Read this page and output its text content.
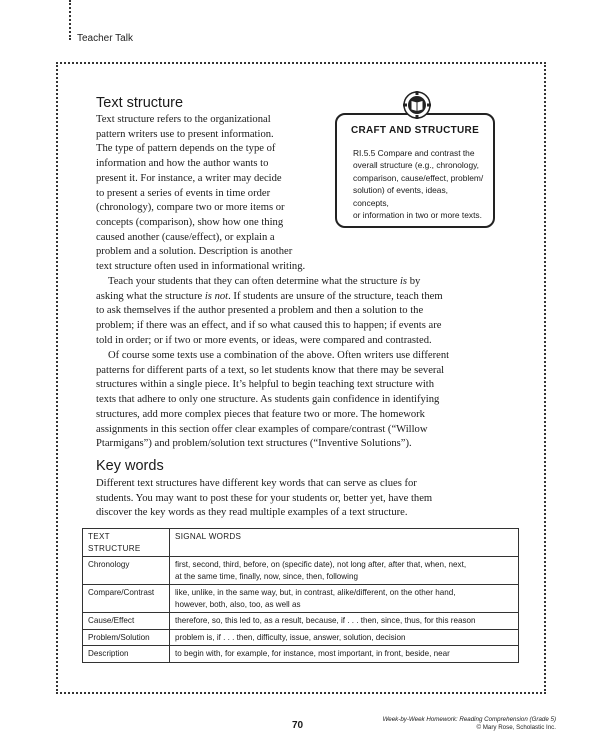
Teacher Talk
Text structure
Text structure refers to the organizational
pattern writers use to present information.
The type of pattern depends on the type of
information and how the author wants to
present it. For instance, a writer may decide
to present a series of events in time order
(chronology), compare two or more items or
concepts (comparison), show how one thing
caused another (cause/effect), or explain a
problem and a solution. Description is another
text structure often used in informational writing.
CRAFT AND STRUCTURE
RI.5.5 Compare and contrast the
overall structure (e.g., chronology,
comparison, cause/effect, problem/
solution) of events, ideas, concepts,
or information in two or more texts.
Teach your students that they can often determine what the structure is by
asking what the structure is not. If students are unsure of the structure, teach them
to ask themselves if the author presented a problem and then a solution to the
problem; if there was an effect, and if so what caused this to happen; if events are
told in order; or if two or more events, or ideas, were compared and contrasted.
Of course some texts use a combination of the above. Often writers use different
patterns for different parts of a text, so let students know that there may be several
structures within a single piece. It’s helpful to begin teaching text structure with
texts that adhere to only one structure. As students gain confidence in identifying
structures, add more complex pieces that feature two or more. The homework
assignments in this section offer clear examples of compare/contrast (“Willow
Ptarmigans”) and problem/solution text structures (“Inventive Solutions”).
Key words
Different text structures have different key words that can serve as clues for
students. You may want to post these for your students or, better yet, have them
discover the key words as they read multiple examples of a text structure.
TEXT STRUCTURE	SIGNAL WORDS
Chronology	first, second, third, before, on (specific date), not long after, after that, when, next,
at the same time, finally, now, since, then, following

Compare/Contrast	like, unlike, in the same way, but, in contrast, alike/different, on the other hand,
however, both, also, too, as well as

Cause/Effect	therefore, so, this led to, as a result, because, if . . . then, since, thus, for this reason
Problem/Solution	problem is, if . . . then, difficulty, issue, answer, solution, decision
Description	to begin with, for example, for instance, most important, in front, beside, near
70
Week-by-Week Homework: Reading Comprehension (Grade 5)
© Mary Rose, Scholastic Inc.
